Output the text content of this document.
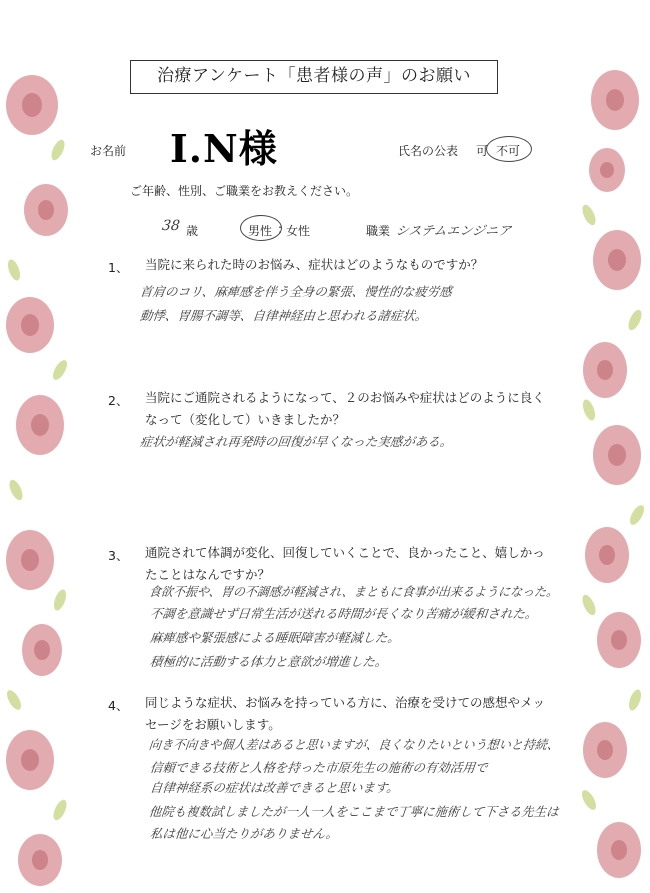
治療アンケート「患者様の声」のお願い
お名前 I.N様	氏名の公表 可 不可
ご年齢、性別、ご職業をお教えください。
38 歳	男性 : 女性	職業 システムエンジニア
1、 当院に来られた時のお悩み、症状はどのようなものですか？
首肩のコリ、麻痺感を伴う全身の緊張、慢性的な疲労感
動悸、胃腸不調等、自律神経由と思われる諸症状。
2、 当院にご通院されるようになって、２のお悩みや症状はどのように良くなって（変化して）いきましたか？
症状が軽減され再発時の回復が早くなった実感がある。
3、 通院されて体調が変化、回復していくことで、良かったこと、嬉しかったことはなんですか？
食欲不振や、胃の不調感が軽減され、まともに食事が出来るようになった。
不調を意識せず日常生活が送れる時間が長くなり苦痛が緩和された。
麻痺感や緊張感による睡眠障害が軽減した。
積極的に活動する体力と意欲が増進した。
4、 同じような症状、お悩みを持っている方に、治療を受けての感想やメッセージをお願いします。
向き不向きや個人差はあると思いますが、良くなりたいという想いと持続、
信頼できる技術と人格を持った市原先生の施術の有効活用で
自律神経系の症状は改善できると思います。
他院も複数試しましたが一人一人をここまで丁寧に施術して下さる先生は
私は他に心当たりがありません。
